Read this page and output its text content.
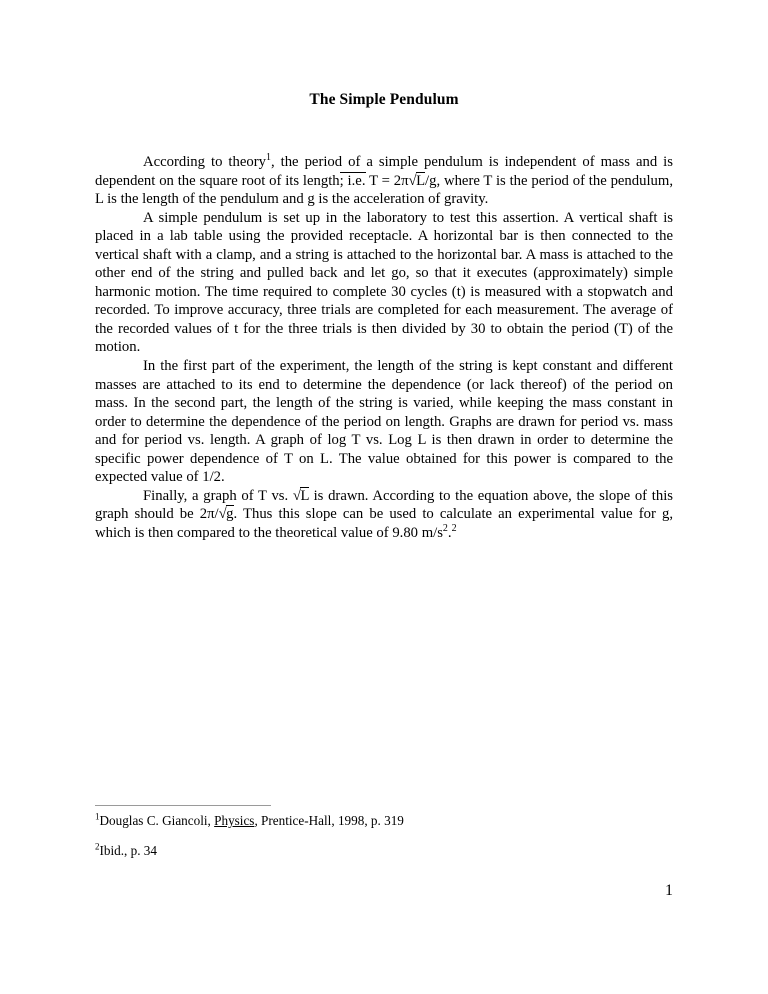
The Simple Pendulum

According to theory$^1$, the period of a simple pendulum is independent of mass and is dependent on the square root of its length; i.e. T = 2π√L/g, where T is the period of the pendulum, L is the length of the pendulum and g is the acceleration of gravity.

A simple pendulum is set up in the laboratory to test this assertion. A vertical shaft is placed in a lab table using the provided receptacle. A horizontal bar is then connected to the vertical shaft with a clamp, and a string is attached to the horizontal bar. A mass is attached to the other end of the string and pulled back and let go, so that it executes (approximately) simple harmonic motion. The time required to complete 30 cycles (t) is measured with a stopwatch and recorded. To improve accuracy, three trials are completed for each measurement. The average of the recorded values of t for the three trials is then divided by 30 to obtain the period (T) of the motion.

In the first part of the experiment, the length of the string is kept constant and different masses are attached to its end to determine the dependence (or lack thereof) of the period on mass. In the second part, the length of the string is varied, while keeping the mass constant in order to determine the dependence of the period on length. Graphs are drawn for period vs. mass and for period vs. length. A graph of log T vs. Log L is then drawn in order to determine the specific power dependence of T on L. The value obtained for this power is compared to the expected value of 1/2.

Finally, a graph of T vs. √L is drawn. According to the equation above, the slope of this graph should be 2π/√g. Thus this slope can be used to calculate an experimental value for g, which is then compared to the theoretical value of 9.80 $m/s^2.^2$

$^1$Douglas C. Giancoli, Physics, Prentice-Hall, 1998, p. 319

$^2$Ibid., p. 34

1
